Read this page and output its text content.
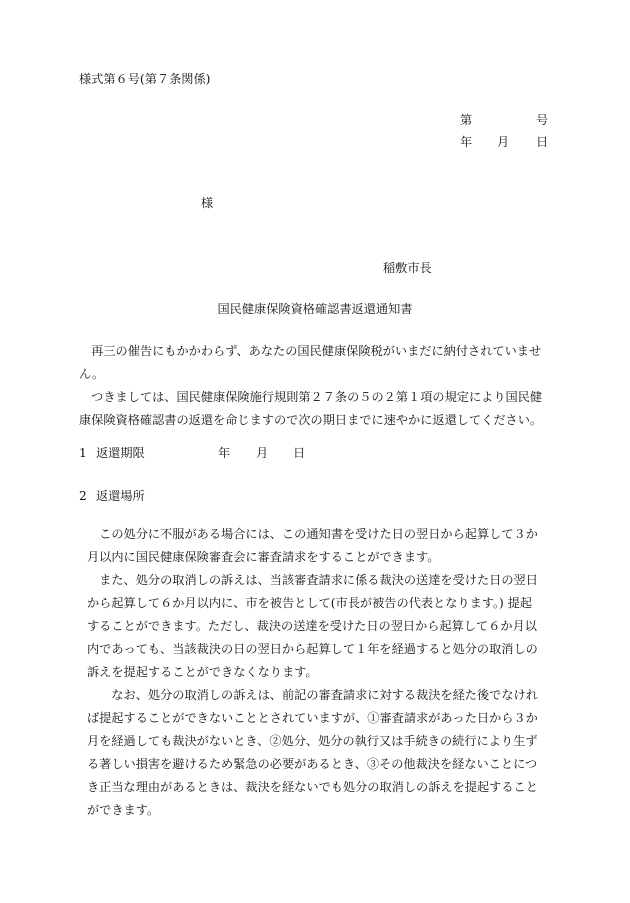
様式第６号(第７条関係)
第	号
年 月 日
様
稲敷市長
国民健康保険資格確認書返還通知書
　再三の催告にもかかわらず、あなたの国民健康保険税がいまだに納付されていませ
ん。
　つきましては、国民健康保険施行規則第２７条の５の２第１項の規定により国民健
康保険資格確認書の返還を命じますので次の期日までに速やかに返還してください。
1 返還期限	年 月 日
2 返還場所
　この処分に不服がある場合には、この通知書を受けた日の翌日から起算して３か
月以内に国民健康保険審査会に審査請求をすることができます。
　また、処分の取消しの訴えは、当該審査請求に係る裁決の送達を受けた日の翌日
から起算して６か月以内に、市を被告として(市長が被告の代表となります。) 提起
することができます。ただし、裁決の送達を受けた日の翌日から起算して６か月以
内であっても、当該裁決の日の翌日から起算して１年を経過すると処分の取消しの
訴えを提起することができなくなります。
　　なお、処分の取消しの訴えは、前記の審査請求に対する裁決を経た後でなけれ
ば提起することができないこととされていますが、①審査請求があった日から３か
月を経過しても裁決がないとき、②処分、処分の執行又は手続きの続行により生ず
る著しい損害を避けるため緊急の必要があるとき、③その他裁決を経ないことにつ
き正当な理由があるときは、裁決を経ないでも処分の取消しの訴えを提起すること
ができます。
